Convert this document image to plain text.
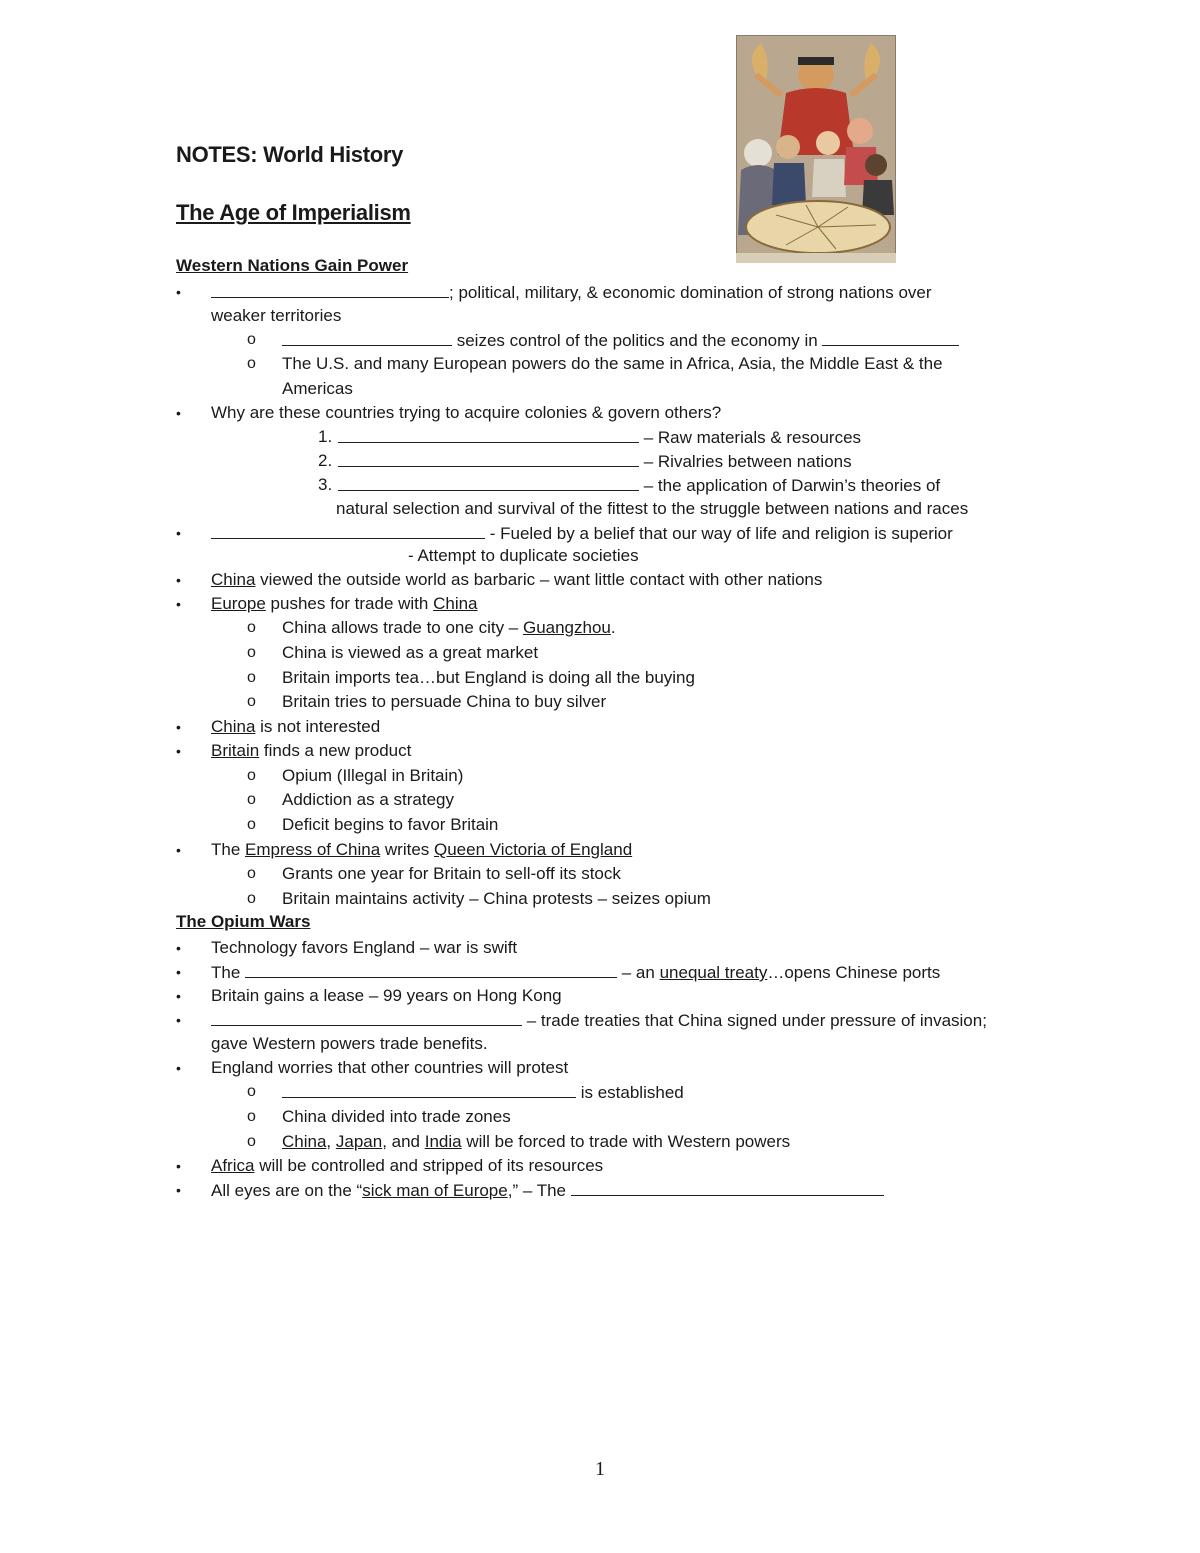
NOTES: World History
The Age of Imperialism
Western Nations Gain Power
•	; political, military, & economic domination of strong nations over
weaker territories
o	seizes control of the politics and the economy in
o The U.S. and many European powers do the same in Africa, Asia, the Middle East & the
Americas
• Why are these countries trying to acquire colonies & govern others?
1.	– Raw materials & resources
2.	– Rivalries between nations
3.	– the application of Darwin’s theories of
natural selection and survival of the fittest to the struggle between nations and races
•	- Fueled by a belief that our way of life and religion is superior
- Attempt to duplicate societies
• China viewed the outside world as barbaric – want little contact with other nations
• Europe pushes for trade with China
o China allows trade to one city – Guangzhou.
o China is viewed as a great market
o Britain imports tea…but England is doing all the buying
o Britain tries to persuade China to buy silver
• China is not interested
• Britain finds a new product
o Opium (Illegal in Britain)
o Addiction as a strategy
o Deficit begins to favor Britain
• The Empress of China writes Queen Victoria of England
o Grants one year for Britain to sell-off its stock
o Britain maintains activity – China protests – seizes opium
The Opium Wars
• Technology favors England – war is swift
• The	– an unequal treaty…opens Chinese ports
• Britain gains a lease – 99 years on Hong Kong
•	– trade treaties that China signed under pressure of invasion;
gave Western powers trade benefits.
• England worries that other countries will protest
o	is established
o China divided into trade zones
o China, Japan, and India will be forced to trade with Western powers
• Africa will be controlled and stripped of its resources
• All eyes are on the “sick man of Europe,” – The
1
